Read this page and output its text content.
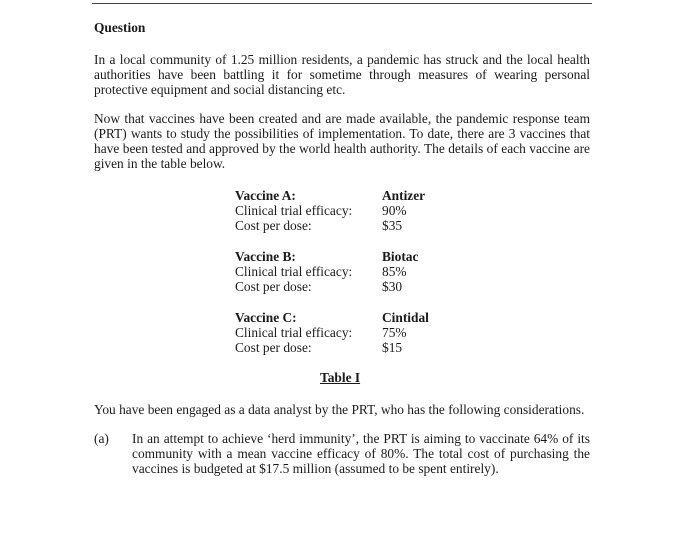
Question
In a local community of 1.25 million residents, a pandemic has struck and the local health authorities have been battling it for sometime through measures of wearing personal protective equipment and social distancing etc.
Now that vaccines have been created and are made available, the pandemic response team (PRT) wants to study the possibilities of implementation. To date, there are 3 vaccines that have been tested and approved by the world health authority. The details of each vaccine are given in the table below.
Vaccine A:	Antizer
Clinical trial efficacy: 90%
Cost per dose:	$35
Vaccine B:	Biotac
Clinical trial efficacy: 85%
Cost per dose:	$30
Vaccine C:	Cintidal
Clinical trial efficacy: 75%
Cost per dose:	$15
Table I
You have been engaged as a data analyst by the PRT, who has the following considerations.
(a) In an attempt to achieve ‘herd immunity’, the PRT is aiming to vaccinate 64% of its community with a mean vaccine efficacy of 80%. The total cost of purchasing the vaccines is budgeted at $17.5 million (assumed to be spent entirely).
